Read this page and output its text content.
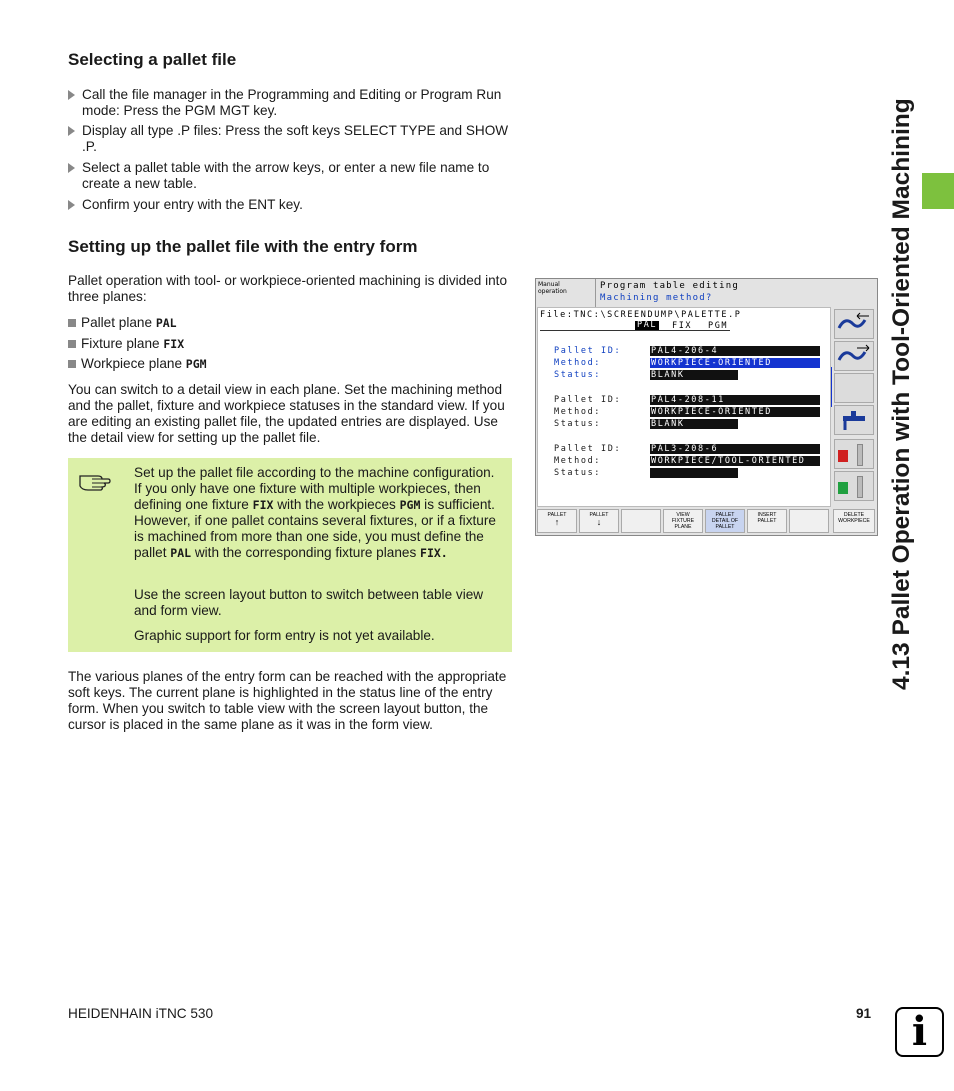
Selecting a pallet file
Call the file manager in the Programming and Editing or Program Run mode: Press the PGM MGT key.
Display all type .P files: Press the soft keys SELECT TYPE and SHOW .P.
Select a pallet table with the arrow keys, or enter a new file name to create a new table.
Confirm your entry with the ENT key.
Setting up the pallet file with the entry form
Pallet operation with tool- or workpiece-oriented machining is divided into three planes:
Pallet plane PAL
Fixture plane FIX
Workpiece plane PGM
You can switch to a detail view in each plane. Set the machining method and the pallet, fixture and workpiece statuses in the standard view. If you are editing an existing pallet file, the updated entries are displayed. Use the detail view for setting up the pallet file.
Set up the pallet file according to the machine configuration. If you only have one fixture with multiple workpieces, then defining one fixture FIX with the workpieces PGM is sufficient. However, if one pallet contains several fixtures, or if a fixture is machined from more than one side, you must define the pallet PAL with the corresponding fixture planes FIX.
Use the screen layout button to switch between table view and form view.
Graphic support for form entry is not yet available.
The various planes of the entry form can be reached with the appropriate soft keys. The current plane is highlighted in the status line of the entry form. When you switch to table view with the screen layout button, the cursor is placed in the same plane as it was in the form view.
Manual
operation
Program table editing
Machining method?
File:TNC:\SCREENDUMP\PALETTE.P
PAL FIX PGM
Pallet ID:	PAL4-206-4
Method:	WORKPIECE-ORIENTED
Status:	BLANK
Pallet ID:	PAL4-208-11
Method:	WORKPIECE-ORIENTED
Status:	BLANK
Pallet ID:	PAL3-208-6
Method:	WORKPIECE/TOOL-ORIENTED
Status:
PALLET
↑
PALLET
↓
VIEW
FIXTURE
PLANE
PALLET
DETAIL OF
PALLET
INSERT
PALLET
DELETE
WORKPIECE 4.13 Pallet Operation with Tool-Oriented Machining
HEIDENHAIN iTNC 530	91	i
